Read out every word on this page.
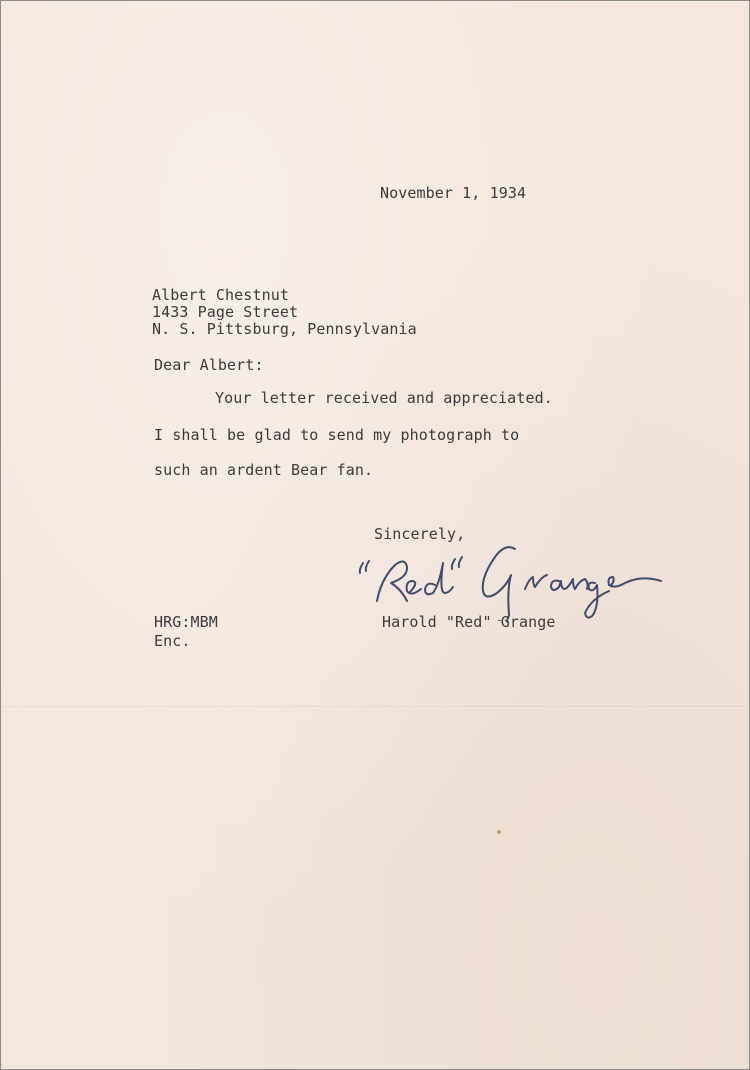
November 1, 1934
Albert Chestnut
1433 Page Street
N. S. Pittsburg, Pennsylvania
Dear Albert:
Your letter received and appreciated.
I shall be glad to send my photograph to
such an ardent Bear fan.
Sincerely,
Harold "Red" Grange
HRG:MBM
Enc.
